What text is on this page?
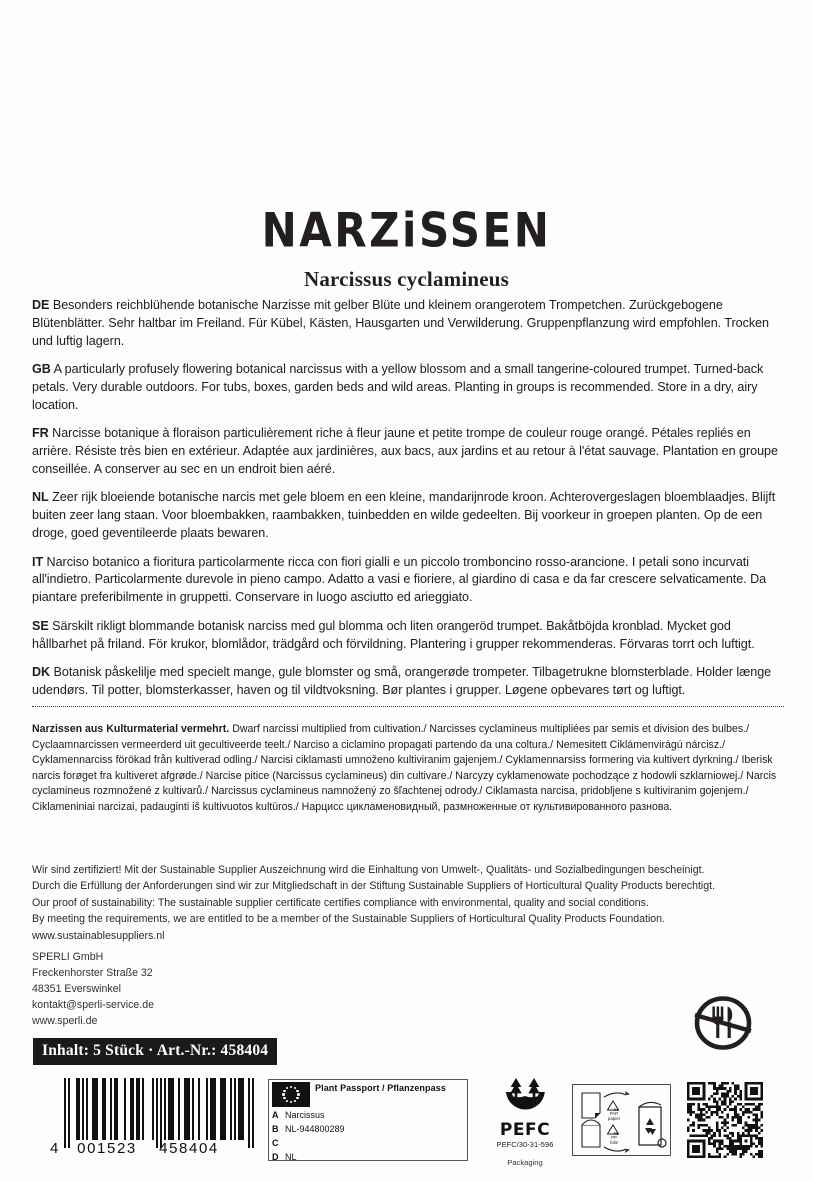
NARZiSSEN
Narcissus cyclamineus

DE Besonders reichblühende botanische Narzisse mit gelber Blüte und kleinem orangerotem Trompetchen. Zurückgebogene Blütenblätter. Sehr haltbar im Freiland. Für Kübel, Kästen, Hausgarten und Verwilderung. Gruppenpflanzung wird empfohlen. Trocken und luftig lagern.

GB A particularly profusely flowering botanical narcissus with a yellow blossom and a small tangerine-coloured trumpet. Turned-back petals. Very durable outdoors. For tubs, boxes, garden beds and wild areas. Planting in groups is recommended. Store in a dry, airy location.

FR Narcisse botanique à floraison particulièrement riche à fleur jaune et petite trompe de couleur rouge orangé. Pétales repliés en arrière. Résiste très bien en extérieur. Adaptée aux jardinières, aux bacs, aux jardins et au retour à l'état sauvage. Plantation en groupe conseillée. A conserver au sec en un endroit bien aéré.

NL Zeer rijk bloeiende botanische narcis met gele bloem en een kleine, mandarijnrode kroon. Achterovergeslagen bloemblaadjes. Blijft buiten zeer lang staan. Voor bloembakken, raambakken, tuinbedden en wilde gedeelten. Bij voorkeur in groepen planten. Op de een droge, goed geventileerde plaats bewaren.

IT Narciso botanico a fioritura particolarmente ricca con fiori gialli e un piccolo tromboncino rosso-arancione. I petali sono incurvati all'indietro. Particolarmente durevole in pieno campo. Adatto a vasi e fioriere, al giardino di casa e da far crescere selvaticamente. Da piantare preferibilmente in gruppetti. Conservare in luogo asciutto ed arieggiato.

SE Särskilt rikligt blommande botanisk narciss med gul blomma och liten orangeröd trumpet. Bakåtböjda kronblad. Mycket god hållbarhet på friland. För krukor, blomlådor, trädgård och förvildning. Plantering i grupper rekommenderas. Förvaras torrt och luftigt.

DK Botanisk påskelilje med specielt mange, gule blomster og små, orangerøde trompeter. Tilbagetrukne blomsterblade. Holder længe udendørs. Til potter, blomsterkasser, haven og til vildtvoksning. Bør plantes i grupper. Løgene opbevares tørt og luftigt.

Narzissen aus Kulturmaterial vermehrt. Dwarf narcissi multiplied from cultivation./ Narcisses cyclamineus multipliées par semis et division des bulbes./ Cyclaamnarcissen vermeerderd uit gecultiveerde teelt./ Narciso a ciclamino propagati partendo da una coltura./ Nemesitett Ciklámenvirágú nárcisz./ Cyklamennarciss förökad från kultiverad odling./ Narcisi ciklamasti umnoženo kultiviranim gajenjem./ Cyklamennarsiss formering via kultivert dyrkning./ Iberisk narcis forøget fra kultiveret afgrøde./ Narcise pitice (Narcissus cyclamineus) din cultivare./ Narcyzy cyklamenowate pochodzące z hodowli szklarniowej./ Narcis cyclamineus rozmnožené z kultivarů./ Narcissus cyclamineus namnožený zo šľachtenej odrody./ Ciklamasta narcisa, pridobljene s kultiviranim gojenjem./ Ciklameniniai narcizai, padauginti iš kultivuotos kultūros./ Нарцисс цикламеновидный, размноженные от культивированного разнова.
Wir sind zertifiziert! Mit der Sustainable Supplier Auszeichnung wird die Einhaltung von Umwelt-, Qualitäts- und Sozialbedingungen bescheinigt.
Durch die Erfüllung der Anforderungen sind wir zur Mitgliedschaft in der Stiftung Sustainable Suppliers of Horticultural Quality Products berechtigt.
Our proof of sustainability: The sustainable supplier certificate certifies compliance with environmental, quality and social conditions.
By meeting the requirements, we are entitled to be a member of the Sustainable Suppliers of Horticultural Quality Products Foundation.
www.sustainablesuppliers.nl
SPERLI GmbH
Freckenhorster Straße 32
48351 Everswinkel
kontakt@sperli-service.de
www.sperli.de
Inhalt: 5 Stück · Art.-Nr.: 458404
4	001523	458404
Plant Passport / Pflanzenpass
A Narcissus
B NL-944800289
C
D NL
PEFC
PEFC/30-31-596
Packaging
21
PAP
papier
05
PP
folie
